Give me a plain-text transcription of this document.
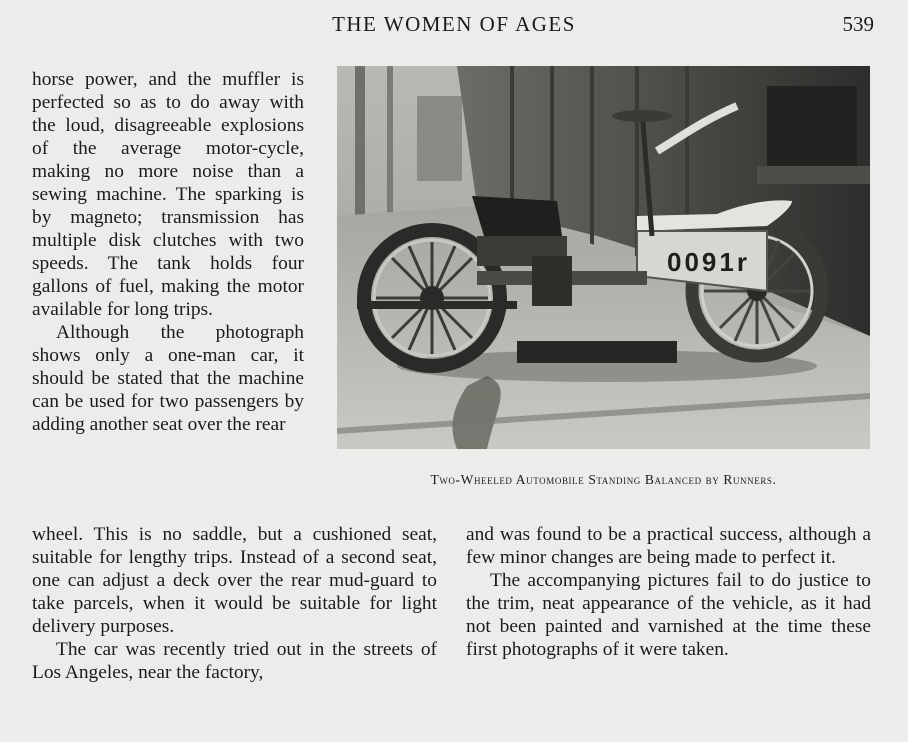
THE WOMEN OF AGES	539

horse power, and the muffler is perfected so as to do away with the loud, disagreeable explosions of the average motor-cycle, making no more noise than a sewing machine. The sparking is by magneto; transmission has multiple disk clutches with two speeds. The tank holds four gallons of fuel, making the motor available for long trips.

Although the photograph shows only a one-man car, it should be stated that the machine can be used for two passengers by adding another seat over the rear

0091r
Two-Wheeled Automobile Standing Balanced by Runners.

wheel. This is no saddle, but a cushioned seat, suitable for lengthy trips. Instead of a second seat, one can adjust a deck over the rear mud-guard to take parcels, when it would be suitable for light delivery purposes.

The car was recently tried out in the streets of Los Angeles, near the factory,

and was found to be a practical success, although a few minor changes are being made to perfect it.

The accompanying pictures fail to do justice to the trim, neat appearance of the vehicle, as it had not been painted and varnished at the time these first photographs of it were taken.
